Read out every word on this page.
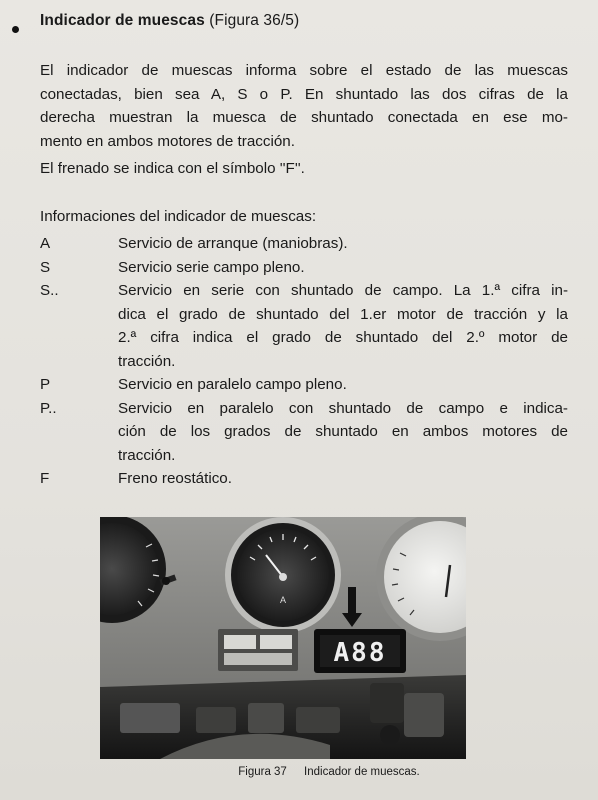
Indicador de muescas (Figura 36/5)
El indicador de muescas informa sobre el estado de las muescas
conectadas, bien sea A, S o P. En shuntado las dos cifras de la
derecha muestran la muesca de shuntado conectada en ese mo-
mento en ambos motores de tracción.
El frenado se indica con el símbolo ''F''.
Informaciones del indicador de muescas:
A	Servicio de arranque (maniobras).
S	Servicio serie campo pleno.
S..	Servicio en serie con shuntado de campo. La 1.ª cifra in-
dica el grado de shuntado del 1.er motor de tracción y la
2.ª cifra indica el grado de shuntado del 2.º motor de
tracción.
P	Servicio en paralelo campo pleno.
P..	Servicio en paralelo con shuntado de campo e indica-
ción de los grados de shuntado en ambos motores de
tracción.
F	Freno reostático.
A
A88
Figura 37 Indicador de muescas.
